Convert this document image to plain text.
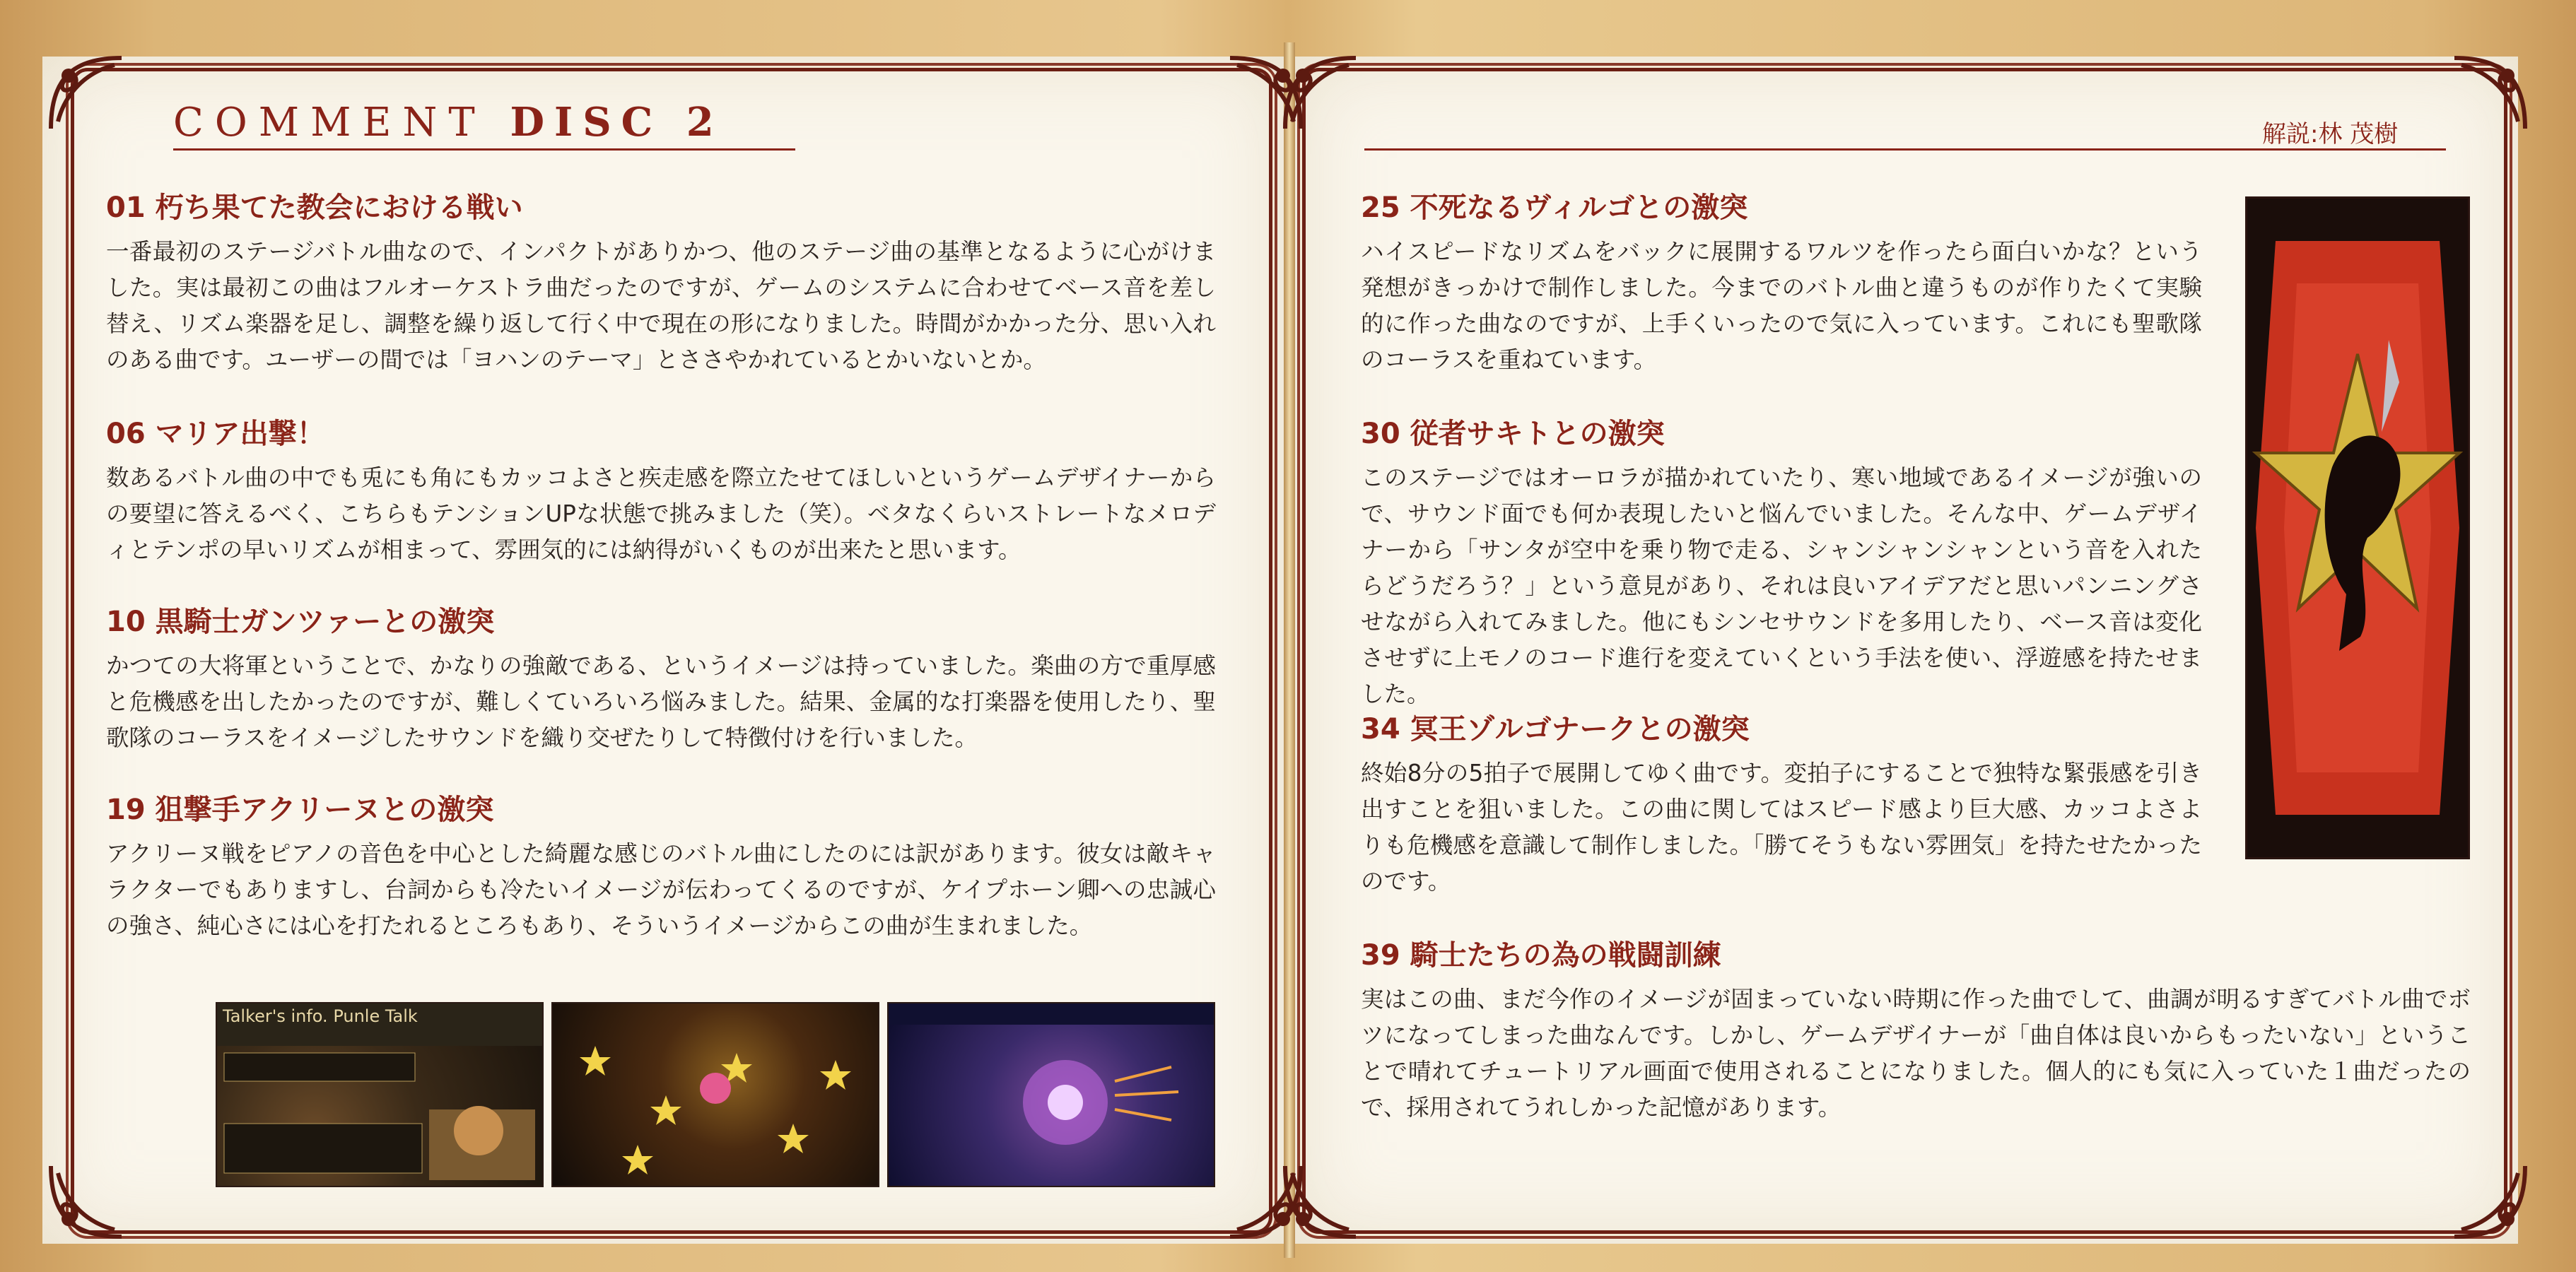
COMMENT DISC 2	解説:林 茂樹
01 朽ち果てた教会における戦い

一番最初のステージバトル曲なので、インパクトがありかつ、他のステージ曲の基準となるように心がけました。実は最初この曲はフルオーケストラ曲だったのですが、ゲームのシステムに合わせてベース音を差し替え、リズム楽器を足し、調整を繰り返して行く中で現在の形になりました。時間がかかった分、思い入れのある曲です。ユーザーの間では「ヨハンのテーマ」とささやかれているとかいないとか。

06 マリア出撃！

数あるバトル曲の中でも兎にも角にもカッコよさと疾走感を際立たせてほしいというゲームデザイナーからの要望に答えるべく、こちらもテンションUPな状態で挑みました（笑）。ベタなくらいストレートなメロディとテンポの早いリズムが相まって、雰囲気的には納得がいくものが出来たと思います。

10 黒騎士ガンツァーとの激突

かつての大将軍ということで、かなりの強敵である、というイメージは持っていました。楽曲の方で重厚感と危機感を出したかったのですが、難しくていろいろ悩みました。結果、金属的な打楽器を使用したり、聖歌隊のコーラスをイメージしたサウンドを織り交ぜたりして特徴付けを行いました。

19 狙撃手アクリーヌとの激突

アクリーヌ戦をピアノの音色を中心とした綺麗な感じのバトル曲にしたのには訳があります。彼女は敵キャラクターでもありますし、台詞からも冷たいイメージが伝わってくるのですが、ケイプホーン卿への忠誠心の強さ、純心さには心を打たれるところもあり、そういうイメージからこの曲が生まれました。

Talker's info. Punle Talk
25 不死なるヴィルゴとの激突

ハイスピードなリズムをバックに展開するワルツを作ったら面白いかな？という発想がきっかけで制作しました。今までのバトル曲と違うものが作りたくて実験的に作った曲なのですが、上手くいったので気に入っています。これにも聖歌隊のコーラスを重ねています。

30 従者サキトとの激突

このステージではオーロラが描かれていたり、寒い地域であるイメージが強いので、サウンド面でも何か表現したいと悩んでいました。そんな中、ゲームデザイナーから「サンタが空中を乗り物で走る、シャンシャンシャンという音を入れたらどうだろう？」という意見があり、それは良いアイデアだと思いパンニングさせながら入れてみました。他にもシンセサウンドを多用したり、ベース音は変化させずに上モノのコード進行を変えていくという手法を使い、浮遊感を持たせました。

34 冥王ゾルゴナークとの激突

終始8分の5拍子で展開してゆく曲です。変拍子にすることで独特な緊張感を引き出すことを狙いました。この曲に関してはスピード感より巨大感、カッコよさよりも危機感を意識して制作しました。「勝てそうもない雰囲気」を持たせたかったのです。

39 騎士たちの為の戦闘訓練

実はこの曲、まだ今作のイメージが固まっていない時期に作った曲でして、曲調が明るすぎてバトル曲でボツになってしまった曲なんです。しかし、ゲームデザイナーが「曲自体は良いからもったいない」ということで晴れてチュートリアル画面で使用されることになりました。個人的にも気に入っていた１曲だったので、採用されてうれしかった記憶があります。
